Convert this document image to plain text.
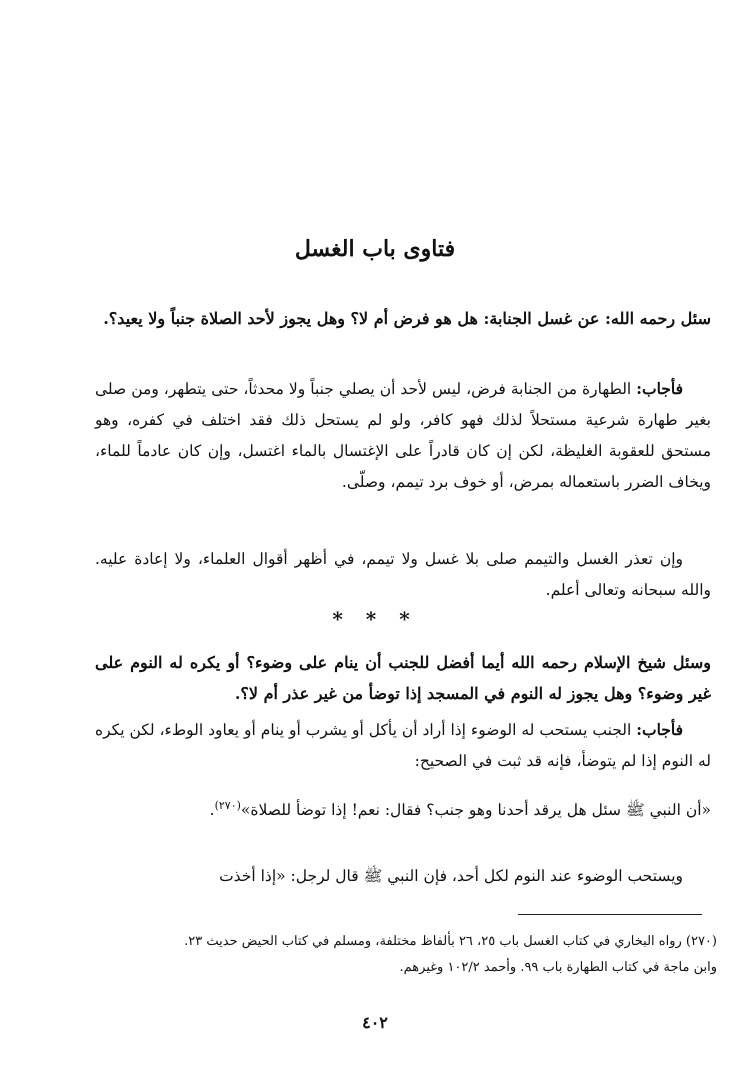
فتاوى باب الغسل

سئل رحمه الله: عن غسل الجنابة: هل هو فرض أم لا؟ وهل يجوز لأحد الصلاة جنباً ولا يعيد؟.

فأجاب: الطهارة من الجنابة فرض، ليس لأحد أن يصلي جنباً ولا محدثاً، حتى يتطهر، ومن صلى بغير طهارة شرعية مستحلاً لذلك فهو كافر، ولو لم يستحل ذلك فقد اختلف في كفره، وهو مستحق للعقوبة الغليظة، لكن إن كان قادراً على الإغتسال بالماء اغتسل، وإن كان عادماً للماء، ويخاف الضرر باستعماله بمرض، أو خوف برد تيمم، وصلّى.

وإن تعذر الغسل والتيمم صلى بلا غسل ولا تيمم، في أظهر أقوال العلماء، ولا إعادة عليه. والله سبحانه وتعالى أعلم.

* * *

وسئل شيخ الإسلام رحمه الله أيما أفضل للجنب أن ينام على وضوء؟ أو يكره له النوم على غير وضوء؟ وهل يجوز له النوم في المسجد إذا توضأ من غير عذر أم لا؟.

فأجاب: الجنب يستحب له الوضوء إذا أراد أن يأكل أو يشرب أو ينام أو يعاود الوطء، لكن يكره له النوم إذا لم يتوضأ، فإنه قد ثبت في الصحيح:

«أن النبي ﷺ سئل هل يرقد أحدنا وهو جنب؟ فقال: نعم! إذا توضأ للصلاة»$^{(٢٧٠)}$.

ويستحب الوضوء عند النوم لكل أحد، فإن النبي ﷺ قال لرجل: «إذا أخذت

(٢٧٠) رواه البخاري في كتاب الغسل باب ٢٥، ٢٦ بألفاظ مختلفة، ومسلم في كتاب الحيض حديث ٢٣.

وابن ماجة في كتاب الطهارة باب ٩٩. وأحمد ١٠٢/٢ وغيرهم.

٤٠٢
